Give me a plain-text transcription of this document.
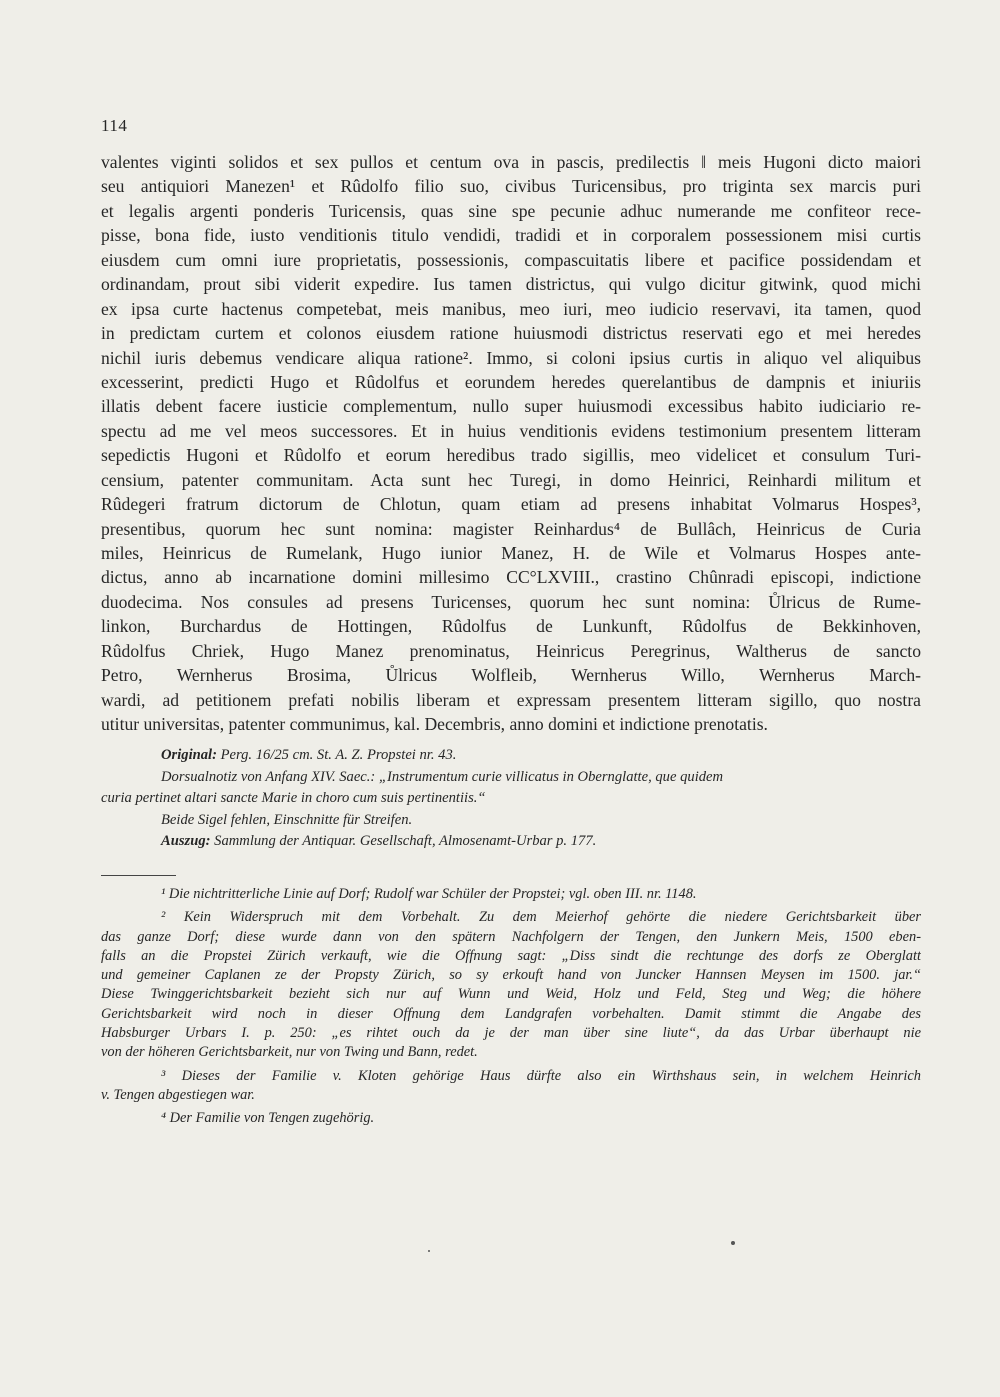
114
valentes viginti solidos et sex pullos et centum ova in pascis, predilectis ‖ meis Hugoni dicto maiori
seu antiquiori Manezen¹ et Rûdolfo filio suo, civibus Turicensibus, pro triginta sex marcis puri
et legalis argenti ponderis Turicensis, quas sine spe pecunie adhuc numerande me confiteor rece-
pisse, bona fide, iusto venditionis titulo vendidi, tradidi et in corporalem possessionem misi curtis
eiusdem cum omni iure proprietatis, possessionis, compascuitatis libere et pacifice possidendam et
ordinandam, prout sibi viderit expedire. Ius tamen districtus, qui vulgo dicitur gitwink, quod michi
ex ipsa curte hactenus competebat, meis manibus, meo iuri, meo iudicio reservavi, ita tamen, quod
in predictam curtem et colonos eiusdem ratione huiusmodi districtus reservati ego et mei heredes
nichil iuris debemus vendicare aliqua ratione². Immo, si coloni ipsius curtis in aliquo vel aliquibus
excesserint, predicti Hugo et Rûdolfus et eorundem heredes querelantibus de dampnis et iniuriis
illatis debent facere iusticie complementum, nullo super huiusmodi excessibus habito iudiciario re-
spectu ad me vel meos successores. Et in huius venditionis evidens testimonium presentem litteram
sepedictis Hugoni et Rûdolfo et eorum heredibus trado sigillis, meo videlicet et consulum Turi-
censium, patenter communitam. Acta sunt hec Turegi, in domo Heinrici, Reinhardi militum et
Rûdegeri fratrum dictorum de Chlotun, quam etiam ad presens inhabitat Volmarus Hospes³,
presentibus, quorum hec sunt nomina: magister Reinhardus⁴ de Bullâch, Heinricus de Curia
miles, Heinricus de Rumelank, Hugo iunior Manez, H. de Wile et Volmarus Hospes ante-
dictus, anno ab incarnatione domini millesimo CC°LXVIII., crastino Chûnradi episcopi, indictione
duodecima. Nos consules ad presens Turicenses, quorum hec sunt nomina: Ůlricus de Rume-
linkon, Burchardus de Hottingen, Rûdolfus de Lunkunft, Rûdolfus de Bekkinhoven,
Rûdolfus Chriek, Hugo Manez prenominatus, Heinricus Peregrinus, Waltherus de sancto
Petro, Wernherus Brosima, Ůlricus Wolfleib, Wernherus Willo, Wernherus March-
wardi, ad petitionem prefati nobilis liberam et expressam presentem litteram sigillo, quo nostra
utitur universitas, patenter communimus, kal. Decembris, anno domini et indictione prenotatis.
Original: Perg. 16/25 cm. St. A. Z. Propstei nr. 43.
Dorsualnotiz von Anfang XIV. Saec.: „Instrumentum curie villicatus in Obernglatte, que quidem
curia pertinet altari sancte Marie in choro cum suis pertinentiis.“
Beide Sigel fehlen, Einschnitte für Streifen.
Auszug: Sammlung der Antiquar. Gesellschaft, Almosenamt-Urbar p. 177.
¹ Die nichtritterliche Linie auf Dorf; Rudolf war Schüler der Propstei; vgl. oben III. nr. 1148.
² Kein Widerspruch mit dem Vorbehalt. Zu dem Meierhof gehörte die niedere Gerichtsbarkeit über
das ganze Dorf; diese wurde dann von den spätern Nachfolgern der Tengen, den Junkern Meis, 1500 eben-
falls an die Propstei Zürich verkauft, wie die Offnung sagt: „Diss sindt die rechtunge des dorfs ze Oberglatt
und gemeiner Caplanen ze der Propsty Zürich, so sy erkouft hand von Juncker Hannsen Meysen im 1500. jar.“
Diese Twinggerichtsbarkeit bezieht sich nur auf Wunn und Weid, Holz und Feld, Steg und Weg; die höhere
Gerichtsbarkeit wird noch in dieser Offnung dem Landgrafen vorbehalten. Damit stimmt die Angabe des
Habsburger Urbars I. p. 250: „es rihtet ouch da je der man über sine liute“, da das Urbar überhaupt nie
von der höheren Gerichtsbarkeit, nur von Twing und Bann, redet.
³ Dieses der Familie v. Kloten gehörige Haus dürfte also ein Wirthshaus sein, in welchem Heinrich
v. Tengen abgestiegen war.
⁴ Der Familie von Tengen zugehörig.
